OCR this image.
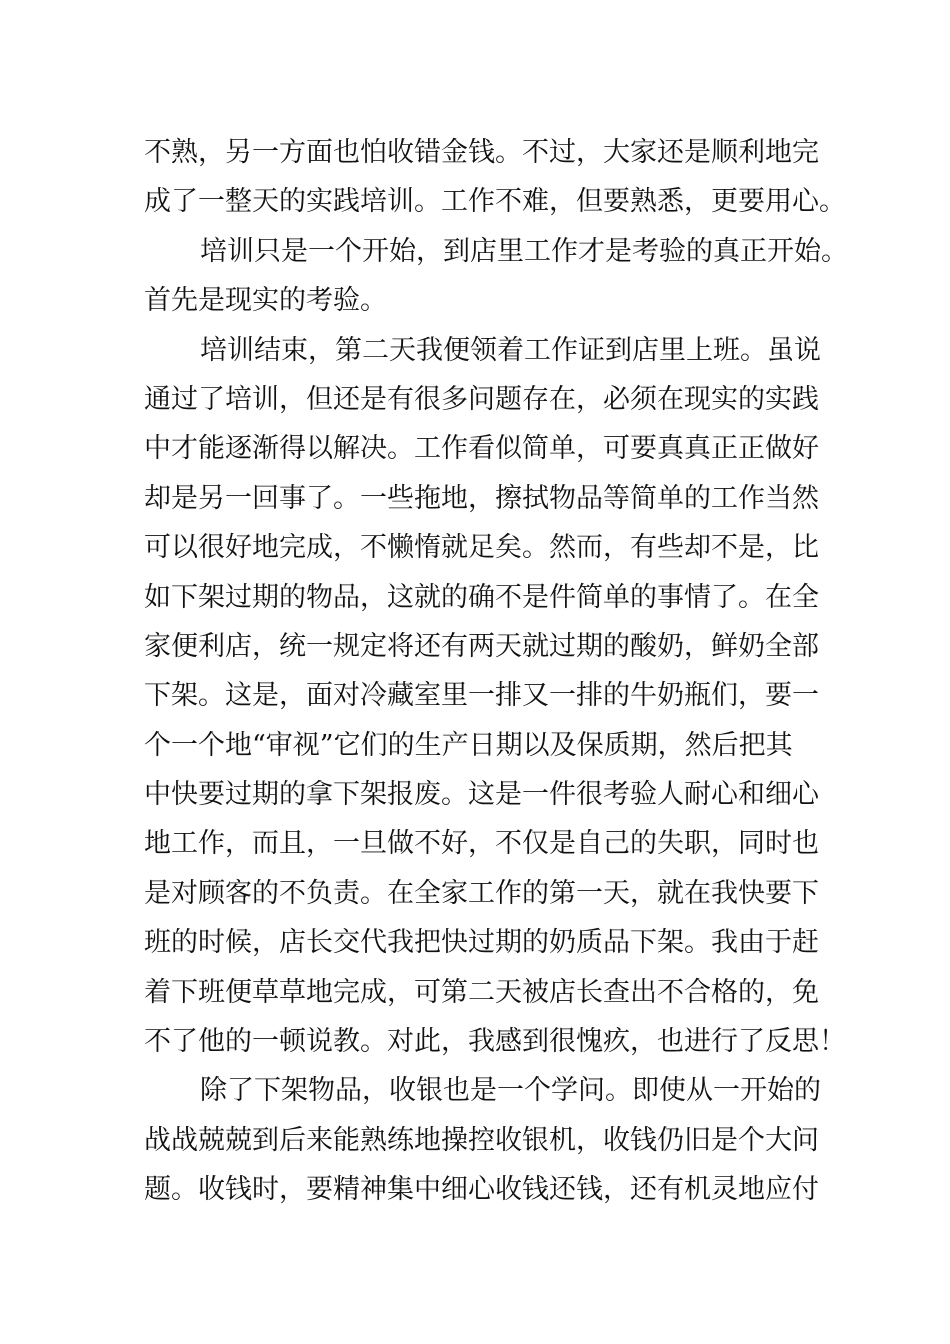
不熟，另一方面也怕收错金钱。不过，大家还是顺利地完
成了一整天的实践培训。工作不难，但要熟悉，更要用心。
培训只是一个开始，到店里工作才是考验的真正开始。
首先是现实的考验。
培训结束，第二天我便领着工作证到店里上班。虽说
通过了培训，但还是有很多问题存在，必须在现实的实践
中才能逐渐得以解决。工作看似简单，可要真真正正做好
却是另一回事了。一些拖地，擦拭物品等简单的工作当然
可以很好地完成，不懒惰就足矣。然而，有些却不是，比
如下架过期的物品，这就的确不是件简单的事情了。在全
家便利店，统一规定将还有两天就过期的酸奶，鲜奶全部
下架。这是，面对冷藏室里一排又一排的牛奶瓶们，要一
个一个地“审视”它们的生产日期以及保质期，然后把其
中快要过期的拿下架报废。这是一件很考验人耐心和细心
地工作，而且，一旦做不好，不仅是自己的失职，同时也
是对顾客的不负责。在全家工作的第一天，就在我快要下
班的时候，店长交代我把快过期的奶质品下架。我由于赶
着下班便草草地完成，可第二天被店长查出不合格的，免
不了他的一顿说教。对此，我感到很愧疚，也进行了反思！
除了下架物品，收银也是一个学问。即使从一开始的
战战兢兢到后来能熟练地操控收银机，收钱仍旧是个大问
题。收钱时，要精神集中细心收钱还钱，还有机灵地应付
